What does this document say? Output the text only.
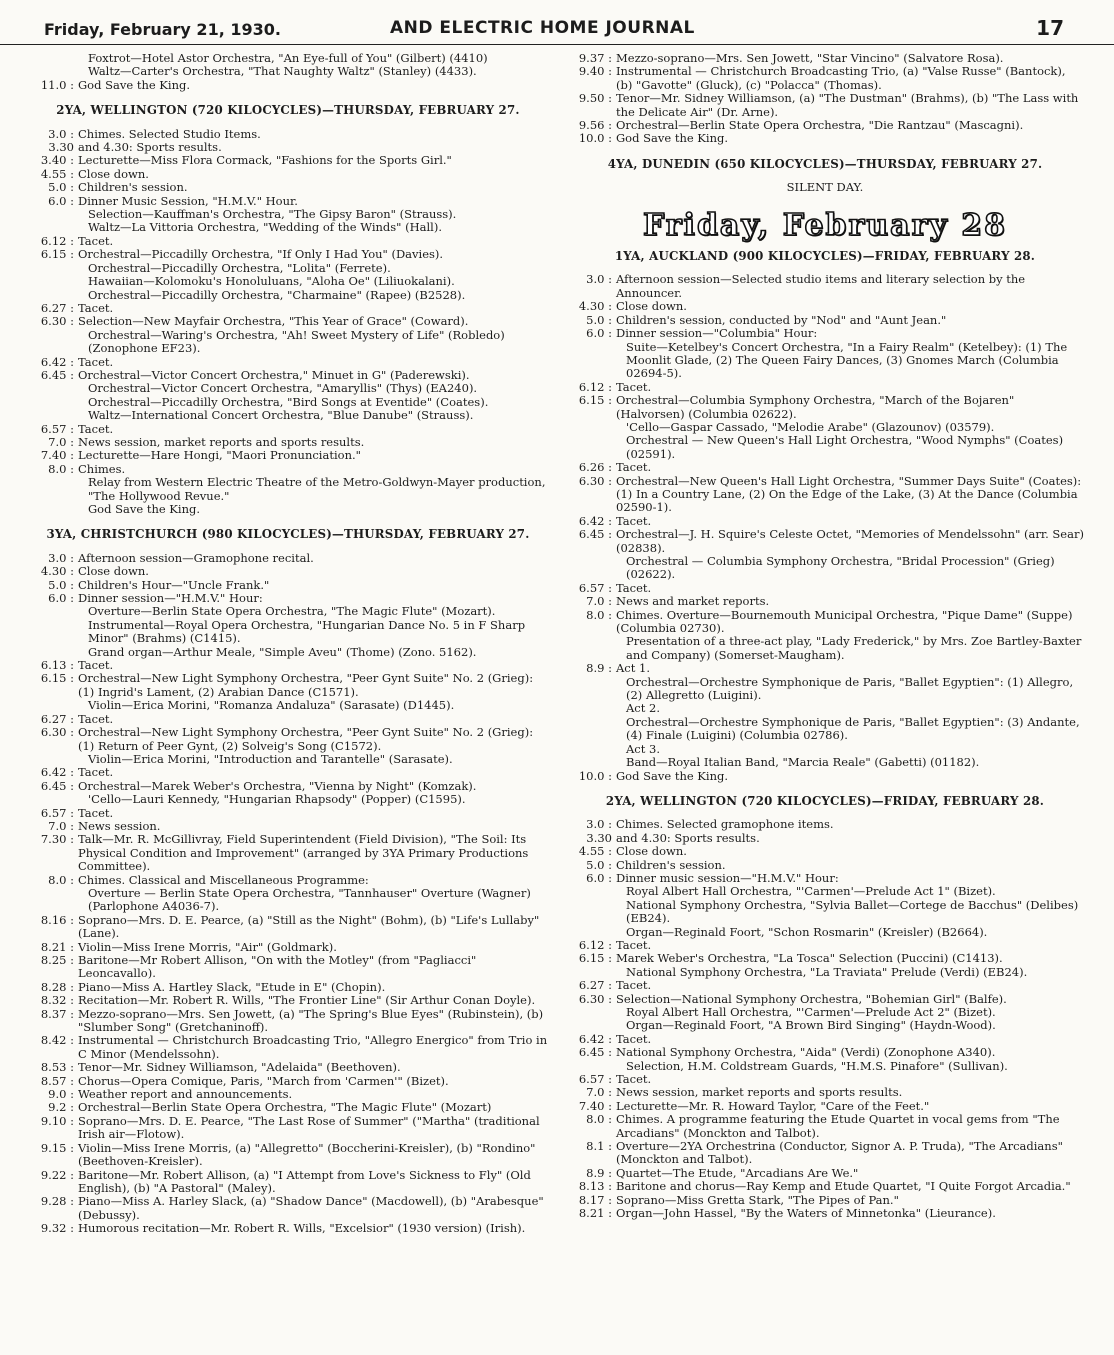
Friday, February 21, 1930.	AND ELECTRIC HOME JOURNAL	17
Foxtrot—Hotel Astor Orchestra, "An Eye-full of You" (Gilbert) (4410)
Waltz—Carter's Orchestra, "That Naughty Waltz" (Stanley) (4433).
11.0 : God Save the King.
2YA, WELLINGTON (720 KILOCYCLES)—THURSDAY, FEBRUARY 27.
3.0 : Chimes. Selected Studio Items.
3.30 and 4.30: Sports results.
3.40 : Lecturette—Miss Flora Cormack, "Fashions for the Sports Girl."
4.55 : Close down.
5.0 : Children's session.
6.0 : Dinner Music Session, "H.M.V." Hour.
Selection—Kauffman's Orchestra, "The Gipsy Baron" (Strauss).
Waltz—La Vittoria Orchestra, "Wedding of the Winds" (Hall).
6.12 : Tacet.
6.15 : Orchestral—Piccadilly Orchestra, "If Only I Had You" (Davies).
Orchestral—Piccadilly Orchestra, "Lolita" (Ferrete).
Hawaiian—Kolomoku's Honoluluans, "Aloha Oe" (Liliuokalani).
Orchestral—Piccadilly Orchestra, "Charmaine" (Rapee) (B2528).
6.27 : Tacet.
6.30 : Selection—New Mayfair Orchestra, "This Year of Grace" (Coward).
Orchestral—Waring's Orchestra, "Ah! Sweet Mystery of Life" (Robledo) (Zonophone EF23).
6.42 : Tacet.
6.45 : Orchestral—Victor Concert Orchestra," Minuet in G" (Paderewski).
Orchestral—Victor Concert Orchestra, "Amaryllis" (Thys) (EA240).
Orchestral—Piccadilly Orchestra, "Bird Songs at Eventide" (Coates).
Waltz—International Concert Orchestra, "Blue Danube" (Strauss).
6.57 : Tacet.
7.0 : News session, market reports and sports results.
7.40 : Lecturette—Hare Hongi, "Maori Pronunciation."
8.0 : Chimes.
Relay from Western Electric Theatre of the Metro-Goldwyn-Mayer production, "The Hollywood Revue."
God Save the King.
3YA, CHRISTCHURCH (980 KILOCYCLES)—THURSDAY, FEBRUARY 27.
3.0 : Afternoon session—Gramophone recital.
4.30 : Close down.
5.0 : Children's Hour—"Uncle Frank."
6.0 : Dinner session—"H.M.V." Hour:
Overture—Berlin State Opera Orchestra, "The Magic Flute" (Mozart).
Instrumental—Royal Opera Orchestra, "Hungarian Dance No. 5 in F Sharp Minor" (Brahms) (C1415).
Grand organ—Arthur Meale, "Simple Aveu" (Thome) (Zono. 5162).
6.13 : Tacet.
6.15 : Orchestral—New Light Symphony Orchestra, "Peer Gynt Suite" No. 2 (Grieg): (1) Ingrid's Lament, (2) Arabian Dance (C1571).
Violin—Erica Morini, "Romanza Andaluza" (Sarasate) (D1445).
6.27 : Tacet.
6.30 : Orchestral—New Light Symphony Orchestra, "Peer Gynt Suite" No. 2 (Grieg): (1) Return of Peer Gynt, (2) Solveig's Song (C1572).
Violin—Erica Morini, "Introduction and Tarantelle" (Sarasate).
6.42 : Tacet.
6.45 : Orchestral—Marek Weber's Orchestra, "Vienna by Night" (Komzak).
'Cello—Lauri Kennedy, "Hungarian Rhapsody" (Popper) (C1595).
6.57 : Tacet.
7.0 : News session.
7.30 : Talk—Mr. R. McGillivray, Field Superintendent (Field Division), "The Soil: Its Physical Condition and Improvement" (arranged by 3YA Primary Productions Committee).
8.0 : Chimes. Classical and Miscellaneous Programme:
Overture — Berlin State Opera Orchestra, "Tannhauser" Overture (Wagner) (Parlophone A4036-7).
8.16 : Soprano—Mrs. D. E. Pearce, (a) "Still as the Night" (Bohm), (b) "Life's Lullaby" (Lane).
8.21 : Violin—Miss Irene Morris, "Air" (Goldmark).
8.25 : Baritone—Mr Robert Allison, "On with the Motley" (from "Pagliacci" Leoncavallo).
8.28 : Piano—Miss A. Hartley Slack, "Etude in E" (Chopin).
8.32 : Recitation—Mr. Robert R. Wills, "The Frontier Line" (Sir Arthur Conan Doyle).
8.37 : Mezzo-soprano—Mrs. Sen Jowett, (a) "The Spring's Blue Eyes" (Rubinstein), (b) "Slumber Song" (Gretchaninoff).
8.42 : Instrumental — Christchurch Broadcasting Trio, "Allegro Energico" from Trio in C Minor (Mendelssohn).
8.53 : Tenor—Mr. Sidney Williamson, "Adelaida" (Beethoven).
8.57 : Chorus—Opera Comique, Paris, "March from 'Carmen'" (Bizet).
9.0 : Weather report and announcements.
9.2 : Orchestral—Berlin State Opera Orchestra, "The Magic Flute" (Mozart)
9.10 : Soprano—Mrs. D. E. Pearce, "The Last Rose of Summer" ("Martha" (traditional Irish air—Flotow).
9.15 : Violin—Miss Irene Morris, (a) "Allegretto" (Boccherini-Kreisler), (b) "Rondino" (Beethoven-Kreisler).
9.22 : Baritone—Mr. Robert Allison, (a) "I Attempt from Love's Sickness to Fly" (Old English), (b) "A Pastoral" (Maley).
9.28 : Piano—Miss A. Harley Slack, (a) "Shadow Dance" (Macdowell), (b) "Arabesque" (Debussy).
9.32 : Humorous recitation—Mr. Robert R. Wills, "Excelsior" (1930 version) (Irish).
9.37 : Mezzo-soprano—Mrs. Sen Jowett, "Star Vincino" (Salvatore Rosa).
9.40 : Instrumental — Christchurch Broadcasting Trio, (a) "Valse Russe" (Bantock), (b) "Gavotte" (Gluck), (c) "Polacca" (Thomas).
9.50 : Tenor—Mr. Sidney Williamson, (a) "The Dustman" (Brahms), (b) "The Lass with the Delicate Air" (Dr. Arne).
9.56 : Orchestral—Berlin State Opera Orchestra, "Die Rantzau" (Mascagni).
10.0 : God Save the King.
4YA, DUNEDIN (650 KILOCYCLES)—THURSDAY, FEBRUARY 27.
SILENT DAY.
Friday, February 28
1YA, AUCKLAND (900 KILOCYCLES)—FRIDAY, FEBRUARY 28.
3.0 : Afternoon session—Selected studio items and literary selection by the Announcer.
4.30 : Close down.
5.0 : Children's session, conducted by "Nod" and "Aunt Jean."
6.0 : Dinner session—"Columbia" Hour:
Suite—Ketelbey's Concert Orchestra, "In a Fairy Realm" (Ketelbey): (1) The Moonlit Glade, (2) The Queen Fairy Dances, (3) Gnomes March (Columbia 02694-5).
6.12 : Tacet.
6.15 : Orchestral—Columbia Symphony Orchestra, "March of the Bojaren" (Halvorsen) (Columbia 02622).
'Cello—Gaspar Cassado, "Melodie Arabe" (Glazounov) (03579).
Orchestral — New Queen's Hall Light Orchestra, "Wood Nymphs" (Coates) (02591).
6.26 : Tacet.
6.30 : Orchestral—New Queen's Hall Light Orchestra, "Summer Days Suite" (Coates): (1) In a Country Lane, (2) On the Edge of the Lake, (3) At the Dance (Columbia 02590-1).
6.42 : Tacet.
6.45 : Orchestral—J. H. Squire's Celeste Octet, "Memories of Mendelssohn" (arr. Sear) (02838).
Orchestral — Columbia Symphony Orchestra, "Bridal Procession" (Grieg) (02622).
6.57 : Tacet.
7.0 : News and market reports.
8.0 : Chimes. Overture—Bournemouth Municipal Orchestra, "Pique Dame" (Suppe) (Columbia 02730).
Presentation of a three-act play, "Lady Frederick," by Mrs. Zoe Bartley-Baxter and Company) (Somerset-Maugham).
8.9 : Act 1.
Orchestral—Orchestre Symphonique de Paris, "Ballet Egyptien": (1) Allegro, (2) Allegretto (Luigini).
Act 2.
Orchestral—Orchestre Symphonique de Paris, "Ballet Egyptien": (3) Andante, (4) Finale (Luigini) (Columbia 02786).
Act 3.
Band—Royal Italian Band, "Marcia Reale" (Gabetti) (01182).
10.0 : God Save the King.
2YA, WELLINGTON (720 KILOCYCLES)—FRIDAY, FEBRUARY 28.
3.0 : Chimes. Selected gramophone items.
3.30 and 4.30: Sports results.
4.55 : Close down.
5.0 : Children's session.
6.0 : Dinner music session—"H.M.V." Hour:
Royal Albert Hall Orchestra, "'Carmen'—Prelude Act 1" (Bizet).
National Symphony Orchestra, "Sylvia Ballet—Cortege de Bacchus" (Delibes) (EB24).
Organ—Reginald Foort, "Schon Rosmarin" (Kreisler) (B2664).
6.12 : Tacet.
6.15 : Marek Weber's Orchestra, "La Tosca" Selection (Puccini) (C1413).
National Symphony Orchestra, "La Traviata" Prelude (Verdi) (EB24).
6.27 : Tacet.
6.30 : Selection—National Symphony Orchestra, "Bohemian Girl" (Balfe).
Royal Albert Hall Orchestra, "'Carmen'—Prelude Act 2" (Bizet).
Organ—Reginald Foort, "A Brown Bird Singing" (Haydn-Wood).
6.42 : Tacet.
6.45 : National Symphony Orchestra, "Aida" (Verdi) (Zonophone A340).
Selection, H.M. Coldstream Guards, "H.M.S. Pinafore" (Sullivan).
6.57 : Tacet.
7.0 : News session, market reports and sports results.
7.40 : Lecturette—Mr. R. Howard Taylor, "Care of the Feet."
8.0 : Chimes. A programme featuring the Etude Quartet in vocal gems from "The Arcadians" (Monckton and Talbot).
8.1 : Overture—2YA Orchestrina (Conductor, Signor A. P. Truda), "The Arcadians" (Monckton and Talbot).
8.9 : Quartet—The Etude, "Arcadians Are We."
8.13 : Baritone and chorus—Ray Kemp and Etude Quartet, "I Quite Forgot Arcadia."
8.17 : Soprano—Miss Gretta Stark, "The Pipes of Pan."
8.21 : Organ—John Hassel, "By the Waters of Minnetonka" (Lieurance).
